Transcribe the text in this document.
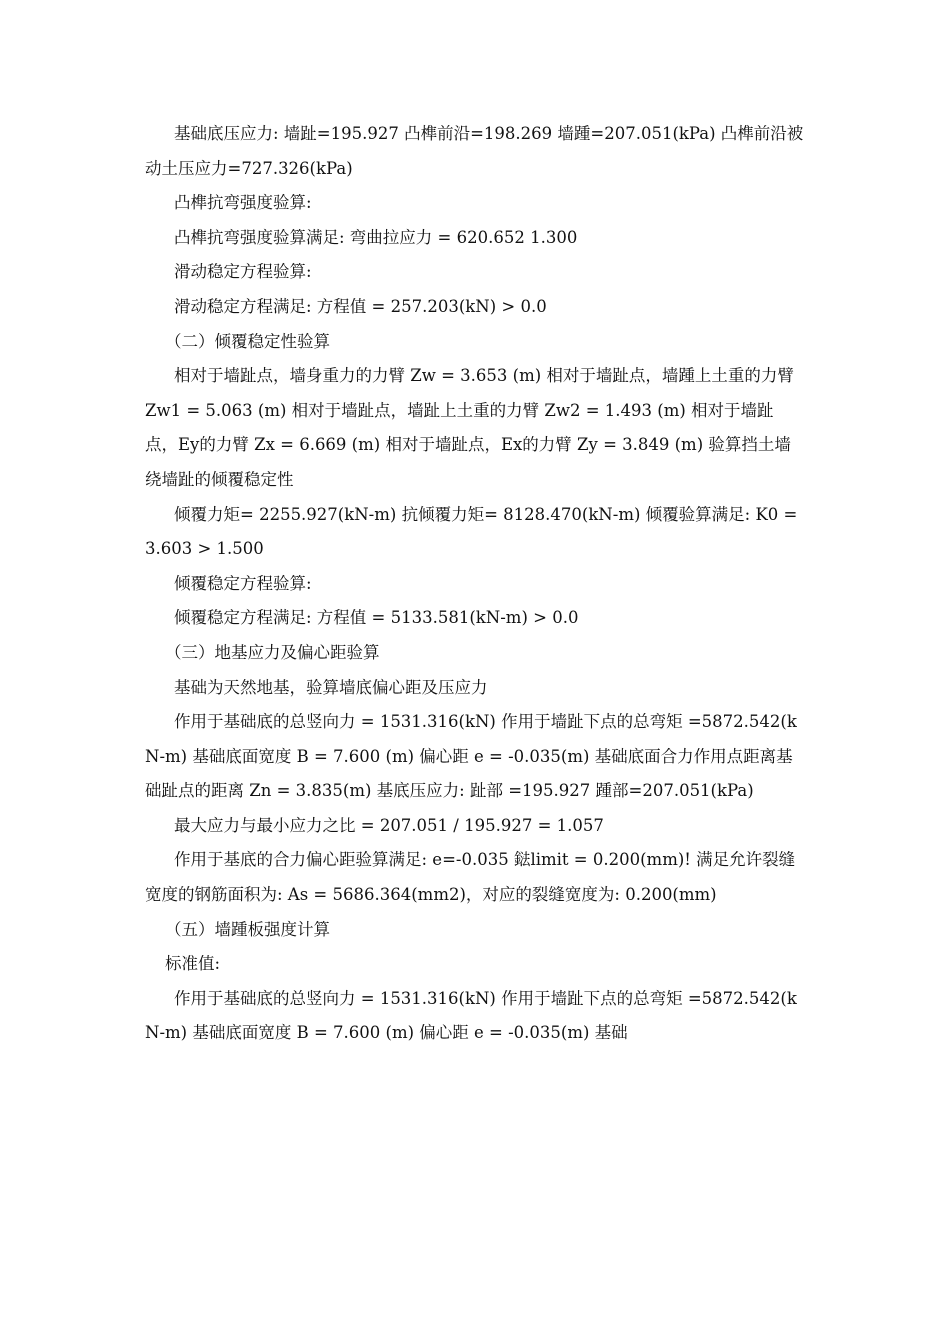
基础底压应力: 墙趾=195.927 凸榫前沿=198.269 墙踵=207.051(kPa) 凸榫前沿被动土压应力=727.326(kPa)

凸榫抗弯强度验算:

凸榫抗弯强度验算满足: 弯曲拉应力 = 620.652 1.300

滑动稳定方程验算:

滑动稳定方程满足: 方程值 = 257.203(kN) > 0.0

（二）倾覆稳定性验算

相对于墙趾点，墙身重力的力臂 Zw = 3.653 (m) 相对于墙趾点，墙踵上土重的力臂 Zw1 = 5.063 (m) 相对于墙趾点，墙趾上土重的力臂 Zw2 = 1.493 (m) 相对于墙趾点，Ey的力臂 Zx = 6.669 (m) 相对于墙趾点，Ex的力臂 Zy = 3.849 (m) 验算挡土墙绕墙趾的倾覆稳定性

倾覆力矩= 2255.927(kN-m) 抗倾覆力矩= 8128.470(kN-m) 倾覆验算满足: K0 = 3.603 > 1.500

倾覆稳定方程验算:

倾覆稳定方程满足: 方程值 = 5133.581(kN-m) > 0.0

（三）地基应力及偏心距验算

基础为天然地基，验算墙底偏心距及压应力

作用于基础底的总竖向力 = 1531.316(kN) 作用于墙趾下点的总弯矩 =5872.542(kN-m) 基础底面宽度 B = 7.600 (m) 偏心距 e = -0.035(m) 基础底面合力作用点距离基础趾点的距离 Zn = 3.835(m) 基底压应力: 趾部 =195.927 踵部=207.051(kPa)

最大应力与最小应力之比 = 207.051 / 195.927 = 1.057

作用于基底的合力偏心距验算满足: e=-0.035 鍅limit = 0.200(mm)! 满足允许裂缝宽度的钢筋面积为: As = 5686.364(mm2)，对应的裂缝宽度为: 0.200(mm)

（五）墙踵板强度计算

标准值:

作用于基础底的总竖向力 = 1531.316(kN) 作用于墙趾下点的总弯矩 =5872.542(kN-m) 基础底面宽度 B = 7.600 (m) 偏心距 e = -0.035(m) 基础
